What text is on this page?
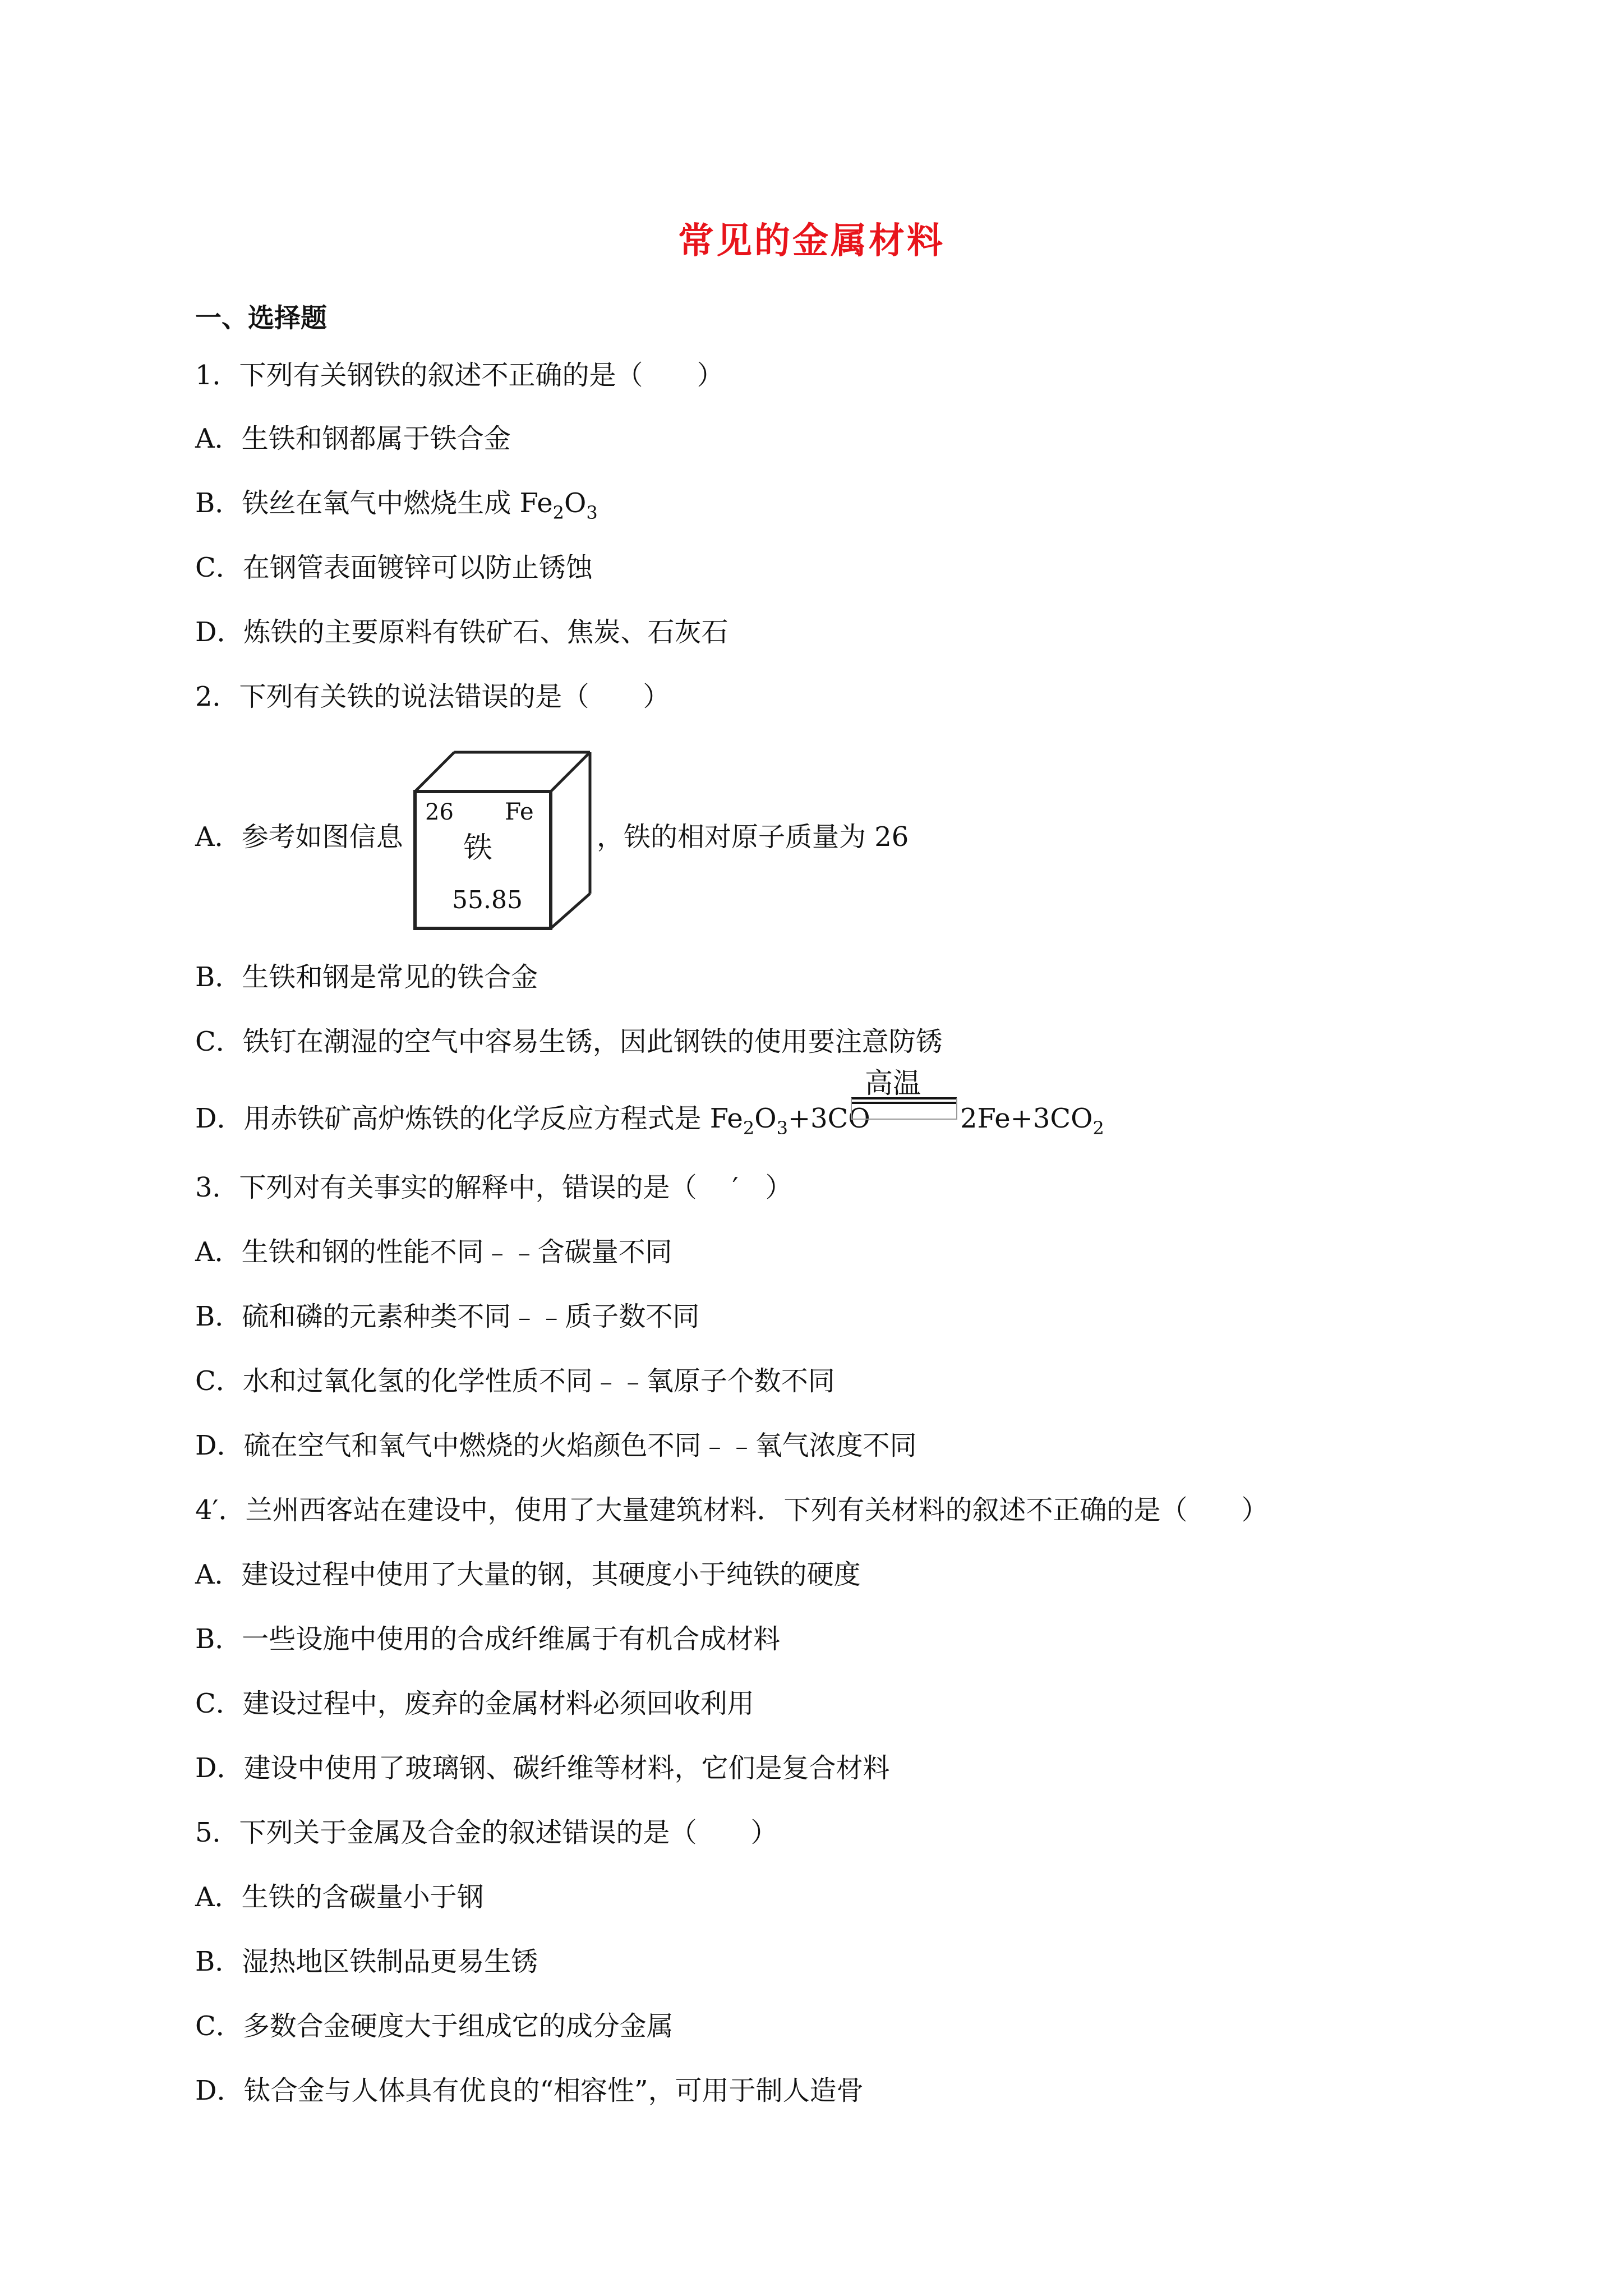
常见的金属材料
一、选择题
1．下列有关钢铁的叙述不正确的是（　　）
A．生铁和钢都属于铁合金
B．铁丝在氧气中燃烧生成 $Fe_2O_3$
C．在钢管表面镀锌可以防止锈蚀
D．炼铁的主要原料有铁矿石、焦炭、石灰石
2．下列有关铁的说法错误的是（　　）
A．参考如图信息
26 Fe
铁
55.85
，铁的相对原子质量为 26
B．生铁和钢是常见的铁合金
C．铁钉在潮湿的空气中容易生锈，因此钢铁的使用要注意防锈
D．用赤铁矿高炉炼铁的化学反应方程式是 $Fe_2O_3+3CO$
高温
$2Fe+3CO_2$
3．下列对有关事实的解释中，错误的是（　 ′　）
A．生铁和钢的性能不同﹣﹣含碳量不同
B．硫和磷的元素种类不同﹣﹣质子数不同
C．水和过氧化氢的化学性质不同﹣﹣氧原子个数不同
D．硫在空气和氧气中燃烧的火焰颜色不同﹣﹣氧气浓度不同
4′．兰州西客站在建设中，使用了大量建筑材料．下列有关材料的叙述不正确的是（　　）
A．建设过程中使用了大量的钢，其硬度小于纯铁的硬度
B．一些设施中使用的合成纤维属于有机合成材料
C．建设过程中，废弃的金属材料必须回收利用
D．建设中使用了玻璃钢、碳纤维等材料，它们是复合材料
5．下列关于金属及合金的叙述错误的是（　　）
A．生铁的含碳量小于钢
B．湿热地区铁制品更易生锈
C．多数合金硬度大于组成它的成分金属
D．钛合金与人体具有优良的“相容性”，可用于制人造骨
